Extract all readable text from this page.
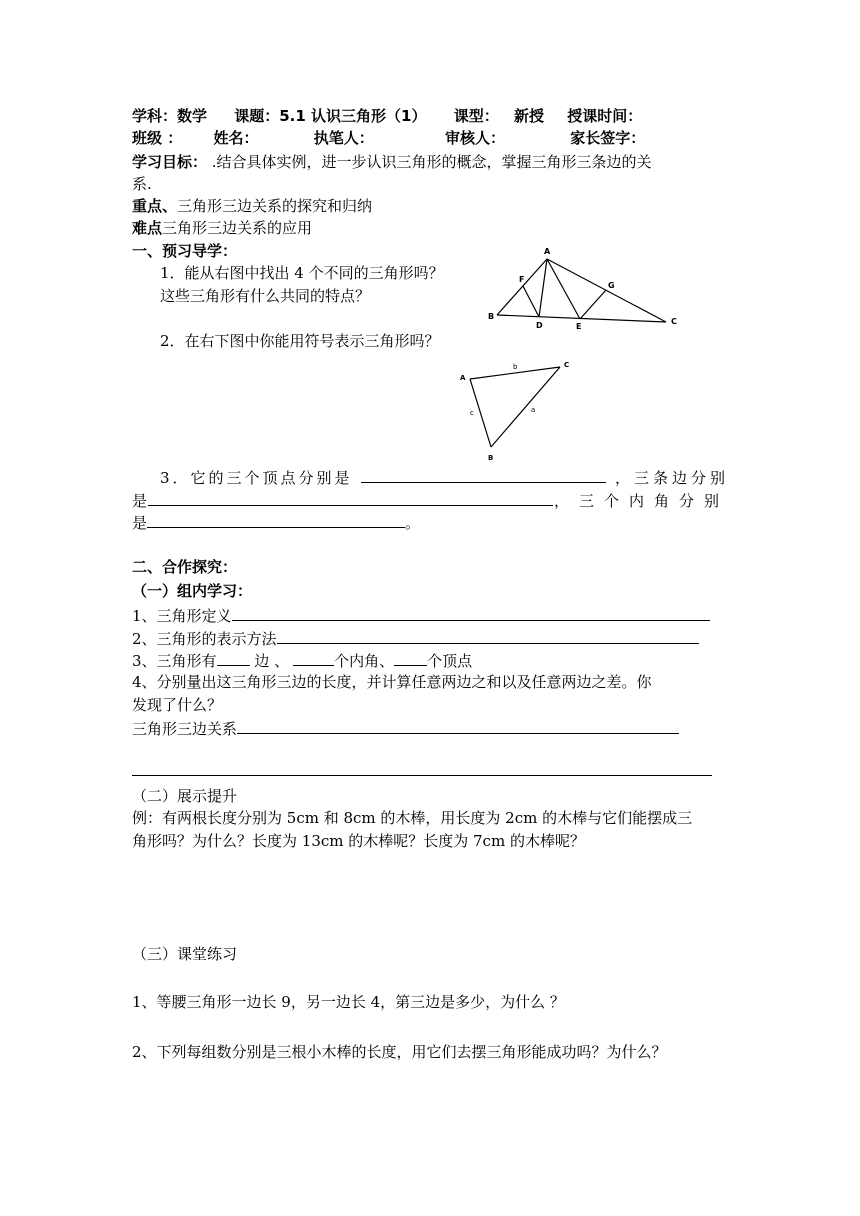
学科：数学 课题：5.1 认识三角形（1） 课型： 新授 授课时间：
班级 ： 姓名：	执笔人：	审核人：	家长签字：
学习目标： .结合具体实例，进一步认识三角形的概念，掌握三角形三条边的关
系.
重点、三角形三边关系的探究和归纳
难点三角形三边关系的应用
一、预习导学：
1．能从右图中找出 4 个不同的三角形吗？
这些三角形有什么共同的特点？
2．在右下图中你能用符号表示三角形吗？
A
B
C
D	E
F
G
A
C
B
b
a
c
3．它的三个顶点分别是	，三条边分别
是	，三个内角分别
是	。
二、合作探究：
（一）组内学习：
1、三角形定义
2、三角形的表示方法
3、三角形有 边 、	个内角、 个顶点
4、分别量出这三角形三边的长度，并计算任意两边之和以及任意两边之差。你
发现了什么？
三角形三边关系
（二）展示提升
例：有两根长度分别为 5cm 和 8cm 的木棒，用长度为 2cm 的木棒与它们能摆成三
角形吗？为什么？长度为 13cm 的木棒呢？长度为 7cm 的木棒呢？
（三）课堂练习
1、等腰三角形一边长 9，另一边长 4，第三边是多少，为什么 ？
2、下列每组数分别是三根小木棒的长度，用它们去摆三角形能成功吗？为什么？
